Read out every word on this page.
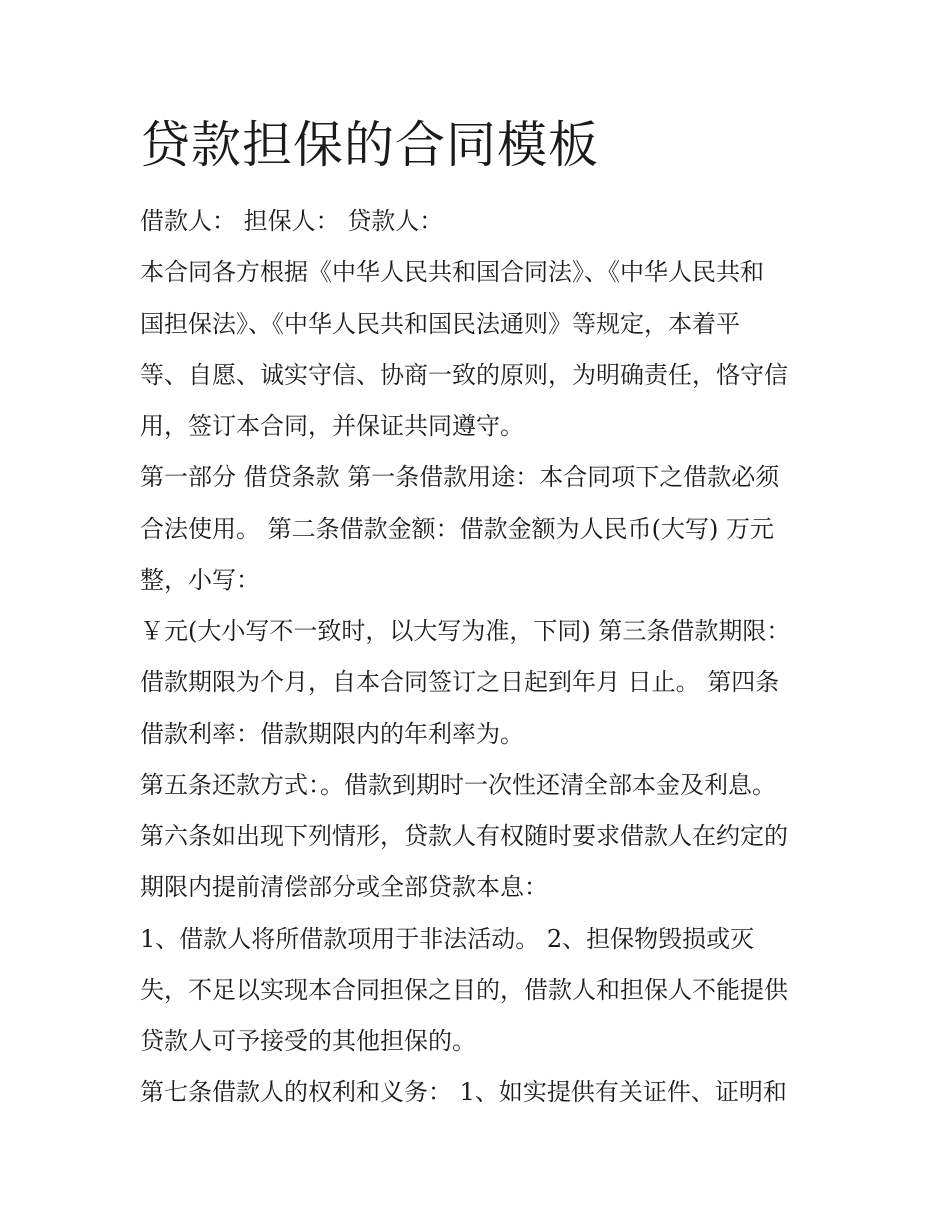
贷款担保的合同模板
借款人： 担保人： 贷款人：
本合同各方根据《中华人民共和国合同法》、《中华人民共和
国担保法》、《中华人民共和国民法通则》等规定，本着平
等、自愿、诚实守信、协商一致的原则，为明确责任，恪守信
用，签订本合同，并保证共同遵守。
第一部分 借贷条款 第一条借款用途：本合同项下之借款必须
合法使用。 第二条借款金额：借款金额为人民币(大写) 万元
整，小写：
￥元(大小写不一致时，以大写为准，下同) 第三条借款期限：
借款期限为个月，自本合同签订之日起到年月 日止。 第四条
借款利率：借款期限内的年利率为。
第五条还款方式：。借款到期时一次性还清全部本金及利息。
第六条如出现下列情形，贷款人有权随时要求借款人在约定的
期限内提前清偿部分或全部贷款本息：
1、借款人将所借款项用于非法活动。 2、担保物毁损或灭
失，不足以实现本合同担保之目的，借款人和担保人不能提供
贷款人可予接受的其他担保的。
第七条借款人的权利和义务： 1、如实提供有关证件、证明和
